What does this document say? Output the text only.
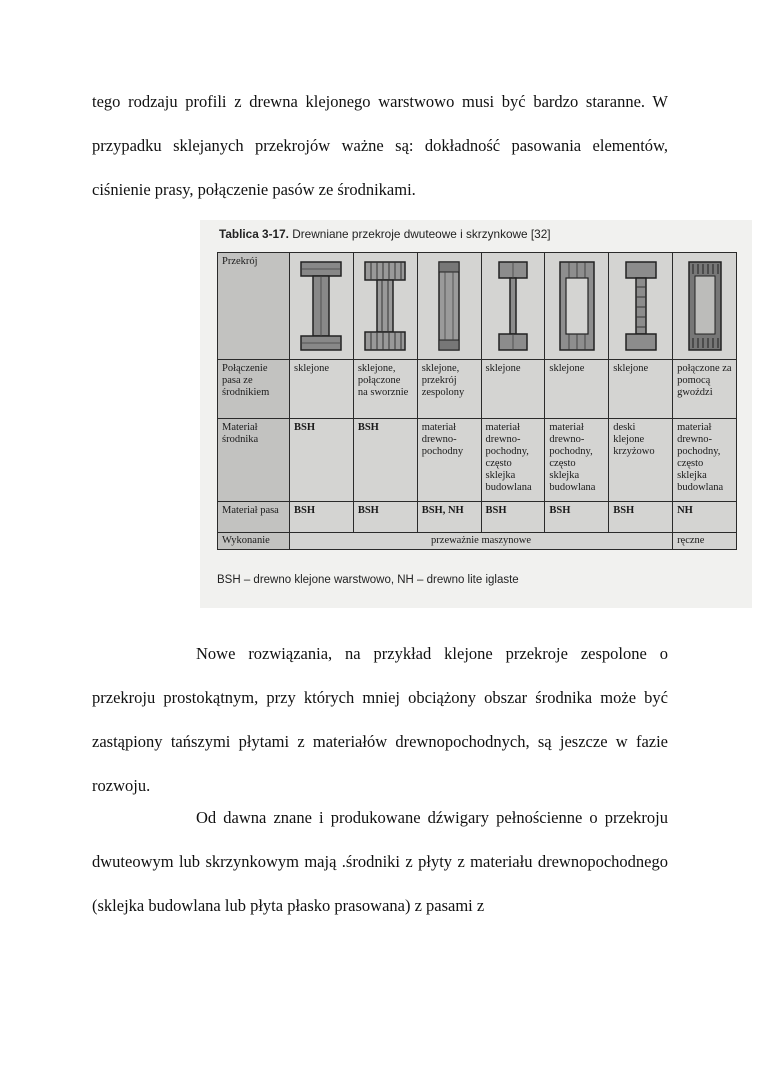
tego rodzaju profili z drewna klejonego warstwowo musi być bardzo staranne. W przypadku sklejanych przekrojów ważne są: dokładność pasowania elementów, ciśnienie prasy, połączenie pasów ze środnikami.

Tablica 3-17. Drewniane przekroje dwuteowe i skrzynkowe [32]
Przekrój	

Połączenie pasa ze środnikiem	sklejone	sklejone, połączone na sworznie	sklejone, przekrój zespolony	sklejone	sklejone	sklejone	połączone za pomocą gwoździ
Materiał środnika	BSH	BSH	materiał drewno-pochodny	materiał drewno-pochodny, często sklejka budowlana	materiał drewno-pochodny, często sklejka budowlana	deski klejone krzyżowo	materiał drewno-pochodny, często sklejka budowlana
Materiał pasa	BSH	BSH	BSH, NH	BSH	BSH	BSH	NH
Wykonanie	przeważnie maszynowe						ręczne
BSH – drewno klejone warstwowo, NH – drewno lite iglaste

Nowe rozwiązania, na przykład klejone przekroje zespolone o przekroju prostokątnym, przy których mniej obciążony obszar środnika może być zastąpiony tańszymi płytami z materiałów drewnopochodnych, są jeszcze w fazie rozwoju.

Od dawna znane i produkowane dźwigary pełnościenne o przekroju dwuteowym lub skrzynkowym mają .środniki z płyty z materiału drewnopochodnego (sklejka budowlana lub płyta płasko prasowana) z pasami z
